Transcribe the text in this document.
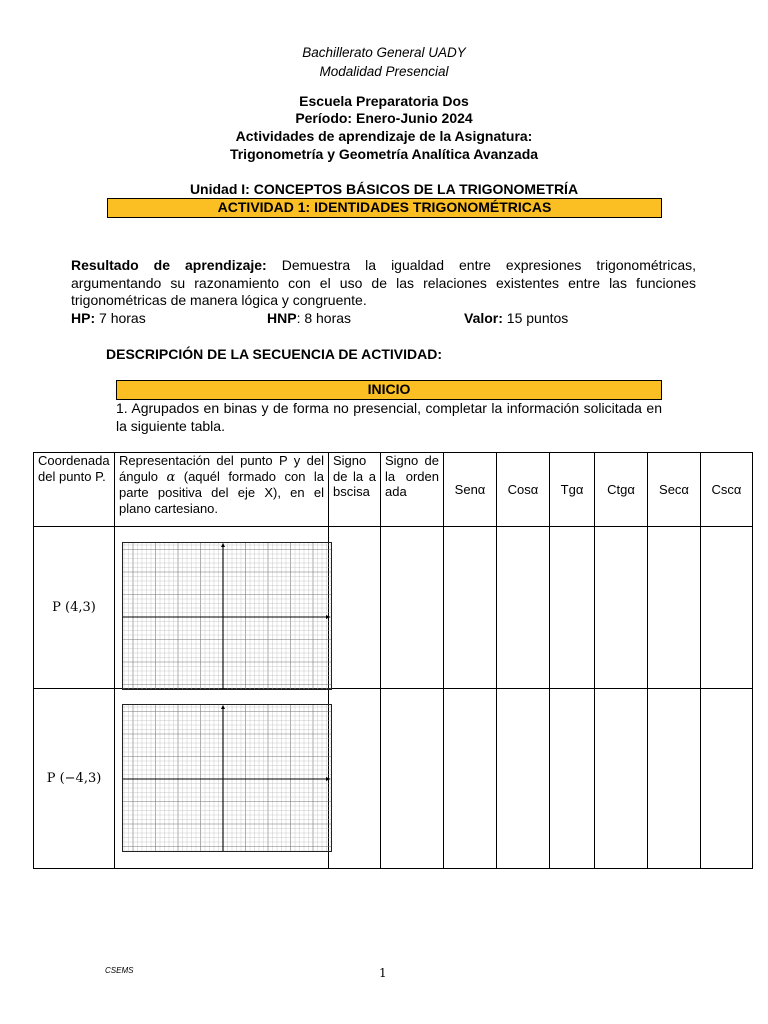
Bachillerato General UADY
Modalidad Presencial
Escuela Preparatoria Dos
Período: Enero-Junio 2024
Actividades de aprendizaje de la Asignatura:
Trigonometría y Geometría Analítica Avanzada
Unidad I: CONCEPTOS BÁSICOS DE LA TRIGONOMETRÍA
ACTIVIDAD 1: IDENTIDADES TRIGONOMÉTRICAS
Resultado de aprendizaje: Demuestra la igualdad entre expresiones trigonométricas, argumentando su razonamiento con el uso de las relaciones existentes entre las funciones trigonométricas de manera lógica y congruente.
HP: 7 horas	HNP: 8 horas	Valor: 15 puntos
DESCRIPCIÓN DE LA SECUENCIA DE ACTIVIDAD:
INICIO
1. Agrupados en binas y de forma no presencial, completar la información solicitada en la siguiente tabla.
Coordenada del punto P.	Representación del punto P y del ángulo α (aquél formado con la parte positiva del eje X), en el plano cartesiano.	Signo de la abscisa	Signo de la ordenada	Senα	Cosα	Tgα	Ctgα	Secα	Cscα
P (4,3)	

P (−4,3)	

CSEMS	1
